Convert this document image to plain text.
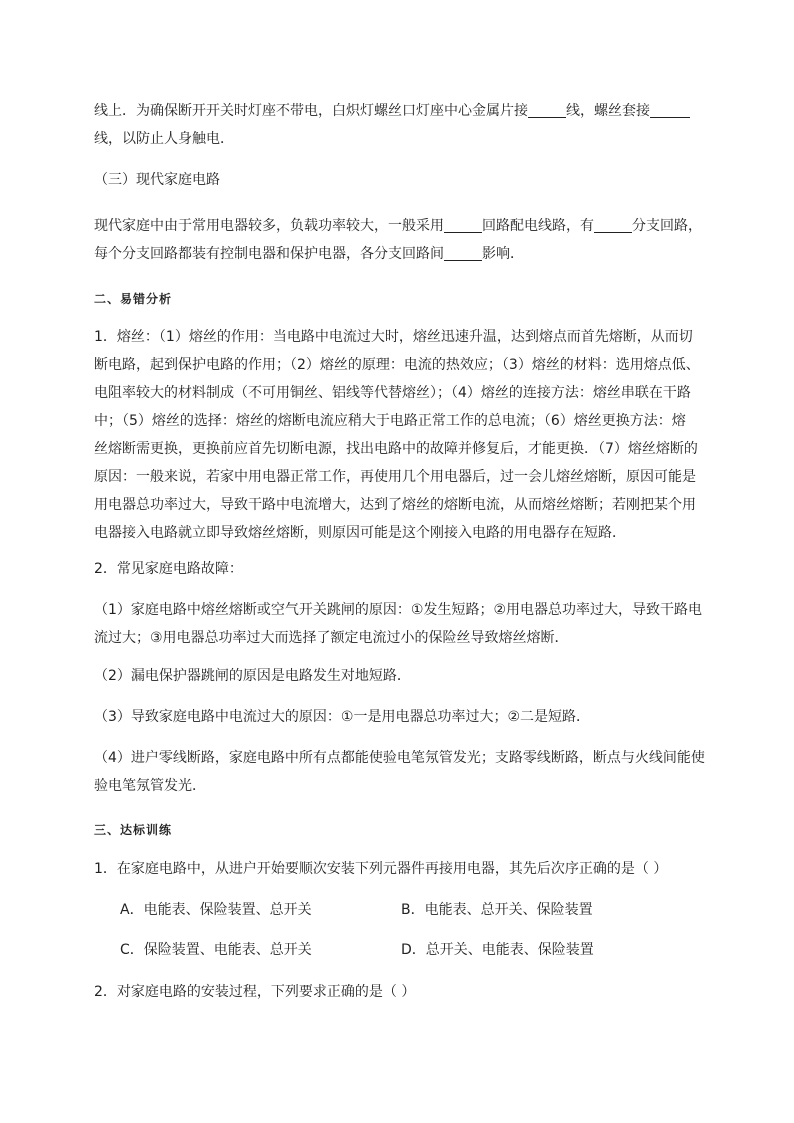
线上．为确保断开开关时灯座不带电，白炽灯螺丝口灯座中心金属片接	线，螺丝套接
线，以防止人身触电．

（三）现代家庭电路

现代家庭中由于常用电器较多，负载功率较大，一般采用	回路配电线路，有	分支回路，
每个分支回路都装有控制电器和保护电器，各分支回路间	影响．

二、易错分析

1．熔丝：（1）熔丝的作用：当电路中电流过大时，熔丝迅速升温，达到熔点而首先熔断，从而切
断电路，起到保护电路的作用；（2）熔丝的原理：电流的热效应；（3）熔丝的材料：选用熔点低、
电阻率较大的材料制成（不可用铜丝、铝线等代替熔丝）；（4）熔丝的连接方法：熔丝串联在干路
中；（5）熔丝的选择：熔丝的熔断电流应稍大于电路正常工作的总电流；（6）熔丝更换方法：熔
丝熔断需更换，更换前应首先切断电源，找出电路中的故障并修复后，才能更换．（7）熔丝熔断的
原因：一般来说，若家中用电器正常工作，再使用几个用电器后，过一会儿熔丝熔断，原因可能是
用电器总功率过大，导致干路中电流增大，达到了熔丝的熔断电流，从而熔丝熔断；若刚把某个用
电器接入电路就立即导致熔丝熔断，则原因可能是这个刚接入电路的用电器存在短路．

2．常见家庭电路故障：

（1）家庭电路中熔丝熔断或空气开关跳闸的原因：①发生短路；②用电器总功率过大，导致干路电
流过大；③用电器总功率过大而选择了额定电流过小的保险丝导致熔丝熔断．

（2）漏电保护器跳闸的原因是电路发生对地短路．

（3）导致家庭电路中电流过大的原因：①一是用电器总功率过大；②二是短路．

（4）进户零线断路，家庭电路中所有点都能使验电笔氖管发光；支路零线断路，断点与火线间能使
验电笔氖管发光．

三、达标训练

1．在家庭电路中，从进户开始要顺次安装下列元器件再接用电器，其先后次序正确的是（ ）

A．电能表、保险装置、总开关	B．电能表、总开关、保险装置
C．保险装置、电能表、总开关	D．总开关、电能表、保险装置

2．对家庭电路的安装过程，下列要求正确的是（ ）
